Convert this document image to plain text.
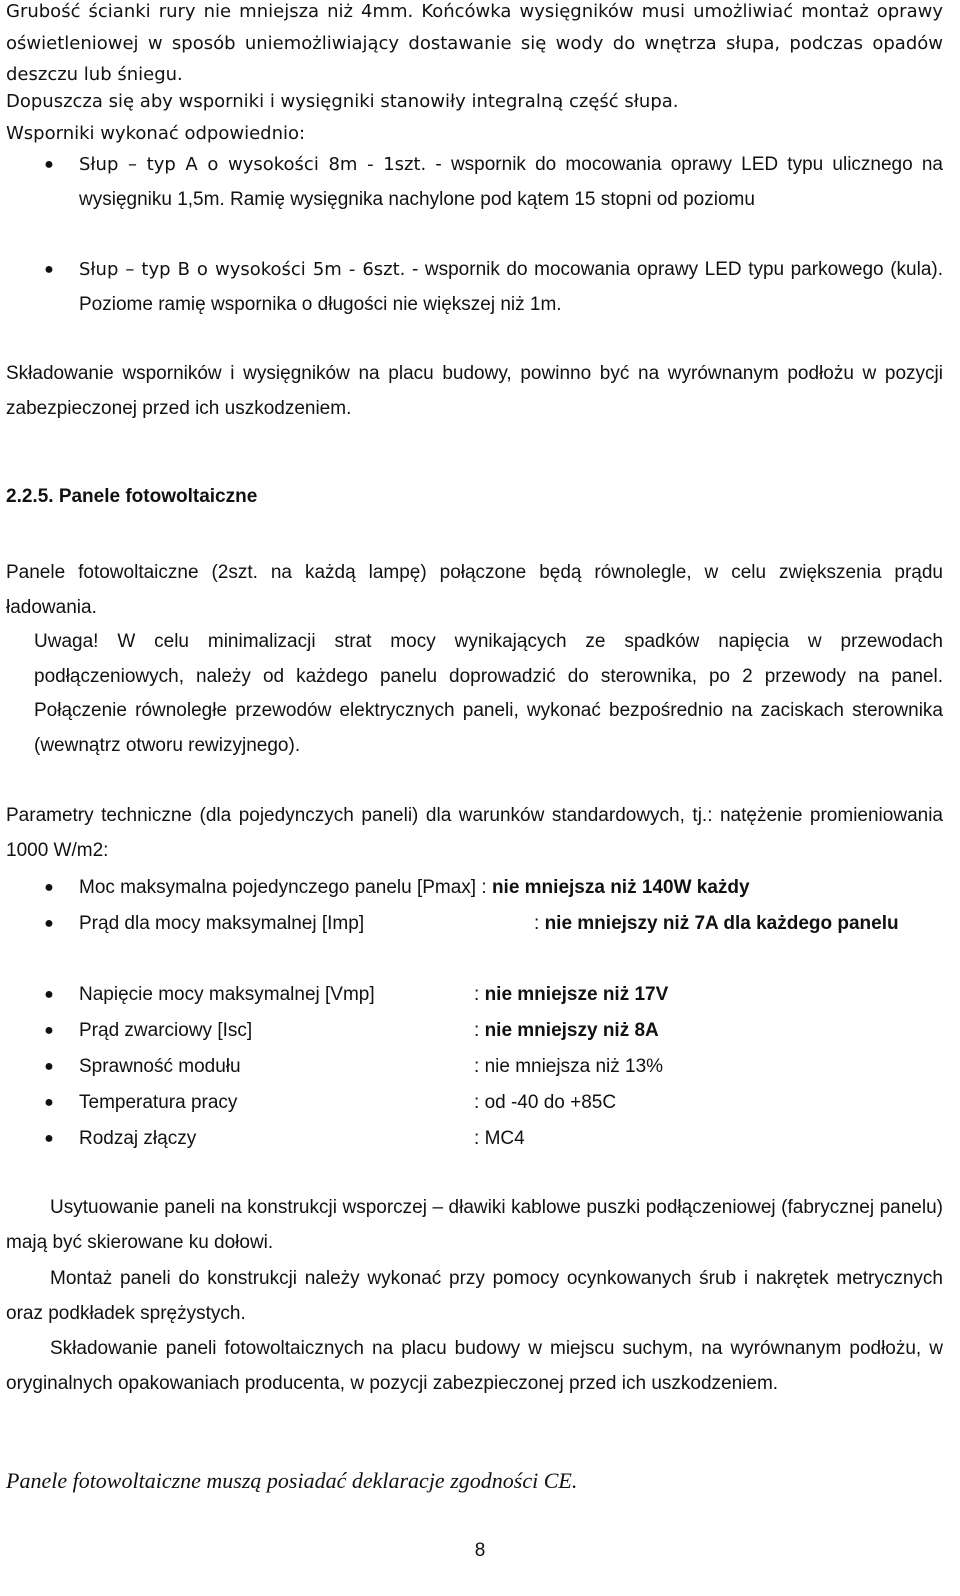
Grubość ścianki rury nie mniejsza niż 4mm. Końcówka wysięgników musi umożliwiać montaż oprawy oświetleniowej w sposób uniemożliwiający dostawanie się wody do wnętrza słupa, podczas opadów deszczu lub śniegu.
Dopuszcza się aby wsporniki i wysięgniki stanowiły integralną część słupa.
Wsporniki wykonać odpowiednio:
●	Słup – typ A o wysokości 8m - 1szt. - wspornik do mocowania oprawy LED typu ulicznego na wysięgniku 1,5m. Ramię wysięgnika nachylone pod kątem 15 stopni od poziomu
●	Słup – typ B o wysokości 5m - 6szt. - wspornik do mocowania oprawy LED typu parkowego (kula). Poziome ramię wspornika o długości nie większej niż 1m.
Składowanie wsporników i wysięgników na placu budowy, powinno być na wyrównanym podłożu w pozycji zabezpieczonej przed ich uszkodzeniem.
2.2.5. Panele fotowoltaiczne
Panele fotowoltaiczne (2szt. na każdą lampę) połączone będą równolegle, w celu zwiększenia prądu ładowania.
Uwaga! W celu minimalizacji strat mocy wynikających ze spadków napięcia w przewodach podłączeniowych, należy od każdego panelu doprowadzić do sterownika, po 2 przewody na panel. Połączenie równoległe przewodów elektrycznych paneli, wykonać bezpośrednio na zaciskach sterownika (wewnątrz otworu rewizyjnego).
Parametry techniczne (dla pojedynczych paneli) dla warunków standardowych, tj.: natężenie promieniowania 1000 W/m2:
●	Moc maksymalna pojedynczego panelu [Pmax] : nie mniejsza niż 140W każdy
●	Prąd dla mocy maksymalnej [Imp]	: nie mniejszy niż 7A dla każdego panelu
●	Napięcie mocy maksymalnej [Vmp]	: nie mniejsze niż 17V
●	Prąd zwarciowy [Isc]	: nie mniejszy niż 8A
●	Sprawność modułu	: nie mniejsza niż 13%
●	Temperatura pracy	: od -40 do +85C
●	Rodzaj złączy	: MC4
Usytuowanie paneli na konstrukcji wsporczej – dławiki kablowe puszki podłączeniowej (fabrycznej panelu) mają być skierowane ku dołowi.
Montaż paneli do konstrukcji należy wykonać przy pomocy ocynkowanych śrub i nakrętek metrycznych oraz podkładek sprężystych.
Składowanie paneli fotowoltaicznych na placu budowy w miejscu suchym, na wyrównanym podłożu, w oryginalnych opakowaniach producenta, w pozycji zabezpieczonej przed ich uszkodzeniem.
Panele fotowoltaiczne muszą posiadać deklaracje zgodności CE.
8
